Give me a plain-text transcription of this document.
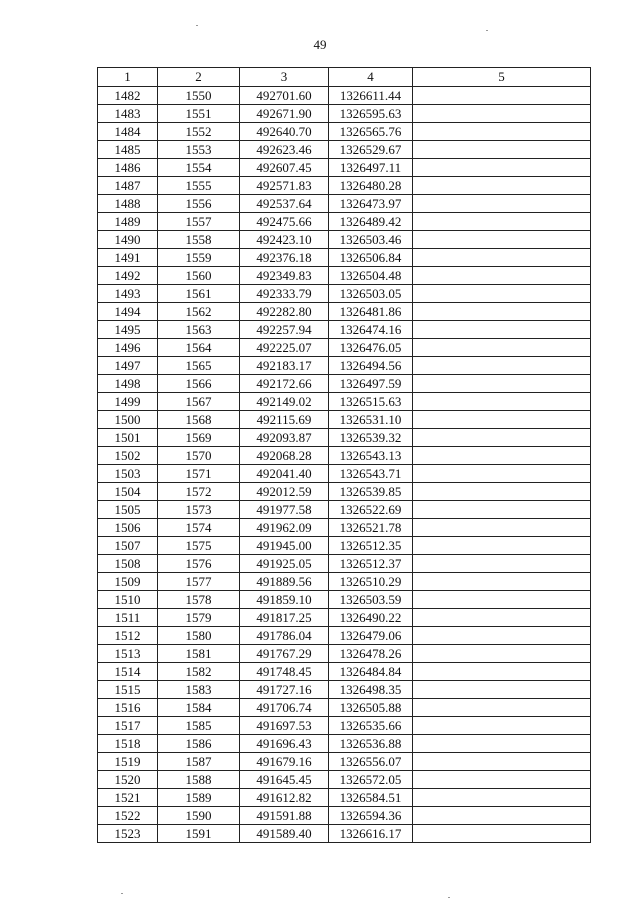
49
1	2	3	4	5
1482	1550	492701.60	1326611.44	
1483	1551	492671.90	1326595.63	
1484	1552	492640.70	1326565.76	
1485	1553	492623.46	1326529.67	
1486	1554	492607.45	1326497.11	
1487	1555	492571.83	1326480.28	
1488	1556	492537.64	1326473.97	
1489	1557	492475.66	1326489.42	
1490	1558	492423.10	1326503.46	
1491	1559	492376.18	1326506.84	
1492	1560	492349.83	1326504.48	
1493	1561	492333.79	1326503.05	
1494	1562	492282.80	1326481.86	
1495	1563	492257.94	1326474.16	
1496	1564	492225.07	1326476.05	
1497	1565	492183.17	1326494.56	
1498	1566	492172.66	1326497.59	
1499	1567	492149.02	1326515.63	
1500	1568	492115.69	1326531.10	
1501	1569	492093.87	1326539.32	
1502	1570	492068.28	1326543.13	
1503	1571	492041.40	1326543.71	
1504	1572	492012.59	1326539.85	
1505	1573	491977.58	1326522.69	
1506	1574	491962.09	1326521.78	
1507	1575	491945.00	1326512.35	
1508	1576	491925.05	1326512.37	
1509	1577	491889.56	1326510.29	
1510	1578	491859.10	1326503.59	
1511	1579	491817.25	1326490.22	
1512	1580	491786.04	1326479.06	
1513	1581	491767.29	1326478.26	
1514	1582	491748.45	1326484.84	
1515	1583	491727.16	1326498.35	
1516	1584	491706.74	1326505.88	
1517	1585	491697.53	1326535.66	
1518	1586	491696.43	1326536.88	
1519	1587	491679.16	1326556.07	
1520	1588	491645.45	1326572.05	
1521	1589	491612.82	1326584.51	
1522	1590	491591.88	1326594.36	
1523	1591	491589.40	1326616.17	
